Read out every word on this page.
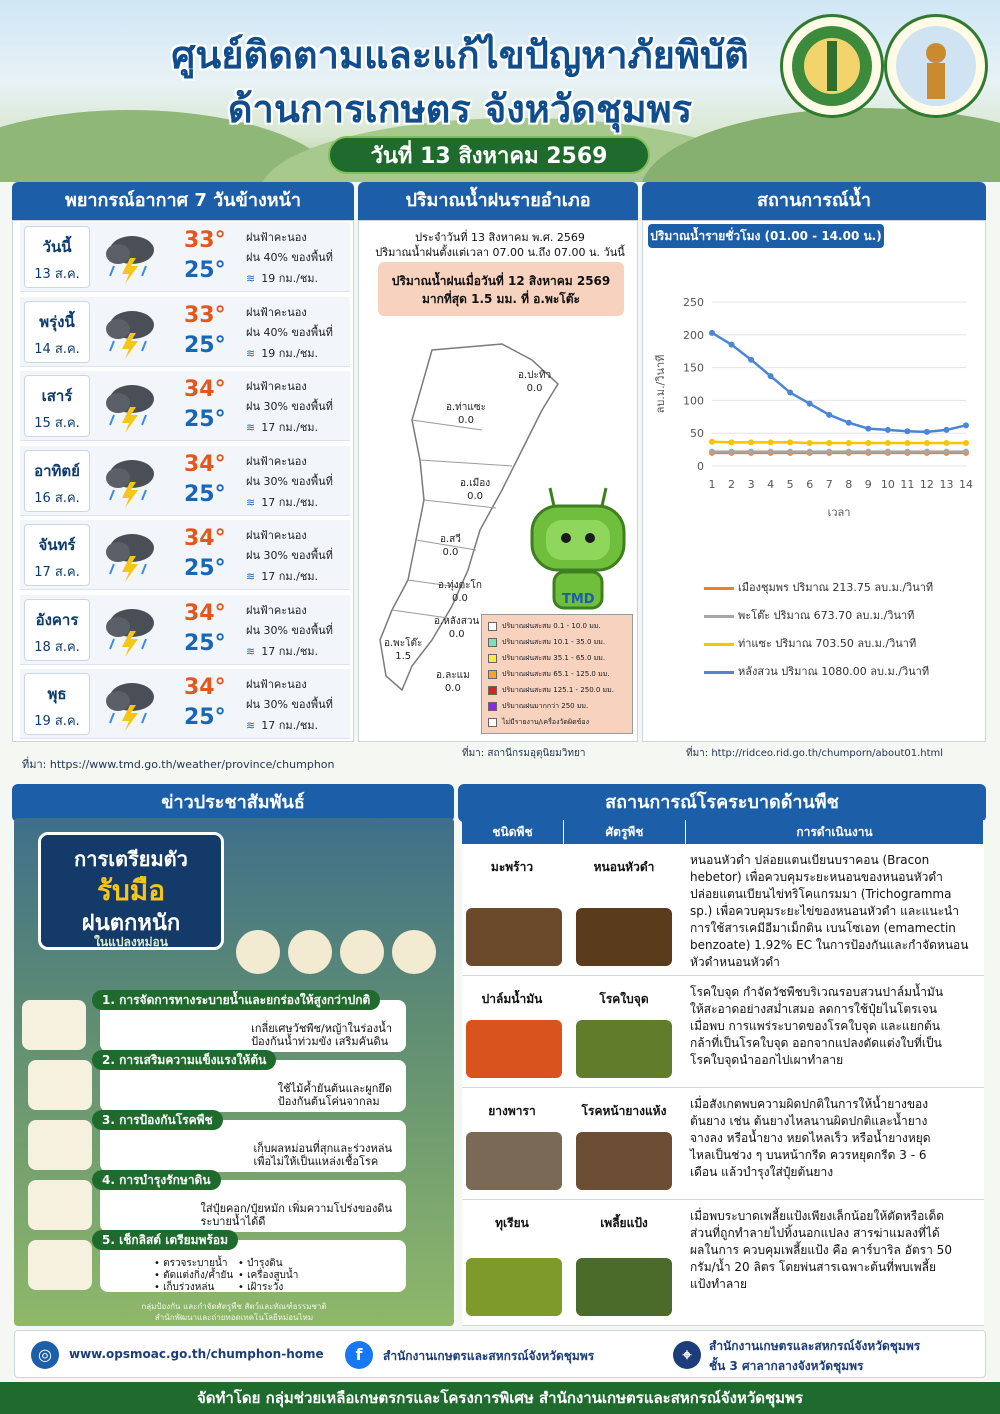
ศูนย์ติดตามและแก้ไขปัญหาภัยพิบัติ
ด้านการเกษตร จังหวัดชุมพร
วันที่ 13 สิงหาคม 2569
พยากรณ์อากาศ 7 วันข้างหน้า
วันนี้
13 ส.ค.
33°
25°
ฝนฟ้าคะนอง
ฝน 40% ของพื้นที่
≋ 19 กม./ชม.
พรุ่งนี้
14 ส.ค.
33°
25°
ฝนฟ้าคะนอง
ฝน 40% ของพื้นที่
≋ 19 กม./ชม.
เสาร์
15 ส.ค.
34°
25°
ฝนฟ้าคะนอง
ฝน 30% ของพื้นที่
≋ 17 กม./ชม.
อาทิตย์
16 ส.ค.
34°
25°
ฝนฟ้าคะนอง
ฝน 30% ของพื้นที่
≋ 17 กม./ชม.
จันทร์
17 ส.ค.
34°
25°
ฝนฟ้าคะนอง
ฝน 30% ของพื้นที่
≋ 17 กม./ชม.
อังคาร
18 ส.ค.
34°
25°
ฝนฟ้าคะนอง
ฝน 30% ของพื้นที่
≋ 17 กม./ชม.
พุธ
19 ส.ค.
34°
25°
ฝนฟ้าคะนอง
ฝน 30% ของพื้นที่
≋ 17 กม./ชม.
ที่มา: https://www.tmd.go.th/weather/province/chumphon
ปริมาณน้ำฝนรายอำเภอ
ประจำวันที่ 13 สิงหาคม พ.ศ. 2569
ปริมาณน้ำฝนตั้งแต่เวลา 07.00 น.ถึง 07.00 น. วันนี้
ปริมาณน้ำฝนเมื่อวันที่ 12 สิงหาคม 2569
มากที่สุด 1.5 มม. ที่ อ.พะโต๊ะ
อ.ปะทิว
0.0
อ.ท่าแซะ
0.0
อ.เมือง
0.0
อ.สวี
0.0
อ.ทุ่งตะโก
0.0
อ.หลังสวน
0.0
อ.พะโต๊ะ
1.5
อ.ละแม
0.0
TMD
ปริมาณฝนสะสม 0.1 - 10.0 มม.
ปริมาณฝนสะสม 10.1 - 35.0 มม.
ปริมาณฝนสะสม 35.1 - 65.0 มม.
ปริมาณฝนสะสม 65.1 - 125.0 มม.
ปริมาณฝนสะสม 125.1 - 250.0 มม.
ปริมาณฝนมากกว่า 250 มม.
ไม่มีรายงาน/เครื่องวัดผิดข้อง
ที่มา: สถานีกรมอุตุนิยมวิทยา
สถานการณ์น้ำ
ปริมาณน้ำรายชั่วโมง (01.00 - 14.00 น.)
0
50
100
150
200
250
1 2 3 4 5 6 7 8 9 10 11 12 13 14
ลบ.ม./วินาที
เวลา
เมืองชุมพร ปริมาณ 213.75 ลบ.ม./วินาที
พะโต๊ะ ปริมาณ 673.70 ลบ.ม./วินาที
ท่าแซะ ปริมาณ 703.50 ลบ.ม./วินาที
หลังสวน ปริมาณ 1080.00 ลบ.ม./วินาที
ที่มา: http://ridceo.rid.go.th/chumporn/about01.html
ข่าวประชาสัมพันธ์
การเตรียมตัว
รับมือ
ฝนตกหนัก
ในแปลงหม่อน
เกลี่ยเศษวัชพืช/หญ้าในร่องน้ำ
ป้องกันน้ำท่วมขัง เสริมคันดิน
1. การจัดการทางระบายน้ำและยกร่องให้สูงกว่าปกติ
ใช้ไม้ค้ำยันต้นและผูกยึด
ป้องกันต้นโค่นจากลม
2. การเสริมความแข็งแรงให้ต้น
เก็บผลหม่อนที่สุกและร่วงหล่น
เพื่อไม่ให้เป็นแหล่งเชื้อโรค
3. การป้องกันโรคพืช
ใส่ปุ๋ยคอก/ปุ๋ยหมัก เพิ่มความโปร่งของดิน
ระบายน้ำได้ดี
4. การบำรุงรักษาดิน
• ตรวจระบายน้ำ • บำรุงดิน
• ตัดแต่งกิ่ง/ค้ำยัน • เครื่องสูบน้ำ
• เก็บร่วงหล่น • เฝ้าระวัง
5. เช็กลิสต์ เตรียมพร้อม
กลุ่มป้องกัน และกำจัดศัตรูพืช สัตว์และทัณฑ์ธรรมชาติ
สำนักพัฒนาและถ่ายทอดเทคโนโลยีหม่อนไหม
สถานการณ์โรคระบาดด้านพืช
ชนิดพืช	ศัตรูพืช	การดำเนินงาน
มะพร้าว	หนอนหัวดำ	หนอนหัวดำ ปล่อยแตนเบียนบราคอน (Bracon
hebetor) เพื่อควบคุมระยะหนอนของหนอนหัวดำ
ปล่อยแตนเบียนไข่ทริโคแกรมมา (Trichogramma
sp.) เพื่อควบคุมระยะไข่ของหนอนหัวดำ และแนะนำ
การใช้สารเคมีอีมาเม็กติน เบนโซเอท (emamectin
benzoate) 1.92% EC ในการป้องกันและกำจัดหนอน
หัวดำหนอนหัวดำ
ปาล์มน้ำมัน	โรคใบจุด	โรคใบจุด กำจัดวัชพืชบริเวณรอบสวนปาล์มน้ำมัน
ให้สะอาดอย่างสม่ำเสมอ ลดการใช้ปุ๋ยไนโตรเจน
เมื่อพบ การแพร่ระบาดของโรคใบจุด และแยกต้น
กล้าที่เป็นโรคใบจุด ออกจากแปลงตัดแต่งใบที่เป็น
โรคใบจุดนำออกไปเผาทำลาย
ยางพารา	โรคหน้ายางแห้ง	เมื่อสังเกตพบความผิดปกติในการให้น้ำยางของ
ต้นยาง เช่น ต้นยางไหลนานผิดปกติและน้ำยาง
จางลง หรือน้ำยาง หยดไหลเร็ว หรือน้ำยางหยุด
ไหลเป็นช่วง ๆ บนหน้ากรีด ควรหยุดกรีด 3 - 6
เดือน แล้วบำรุงใส่ปุ๋ยต้นยาง
ทุเรียน	เพลี้ยแป้ง	เมื่อพบระบาดเพลี้ยแป้งเพียงเล็กน้อยให้ตัดหรือเด็ด
ส่วนที่ถูกทำลายไปทิ้งนอกแปลง สารฆ่าแมลงที่ได้
ผลในการ ควบคุมเพลี้ยแป้ง คือ คาร์บาริล อัตรา 50
กรัม/น้ำ 20 ลิตร โดยพ่นสารเฉพาะต้นที่พบเพลี้ย
แป้งทำลาย
◎	www.opsmoac.go.th/chumphon-home	f	สำนักงานเกษตรและสหกรณ์จังหวัดชุมพร	⌖	สำนักงานเกษตรและสหกรณ์จังหวัดชุมพร
ชั้น 3 ศาลากลางจังหวัดชุมพร
จัดทำโดย กลุ่มช่วยเหลือเกษตรกรและโครงการพิเศษ สำนักงานเกษตรและสหกรณ์จังหวัดชุมพร
